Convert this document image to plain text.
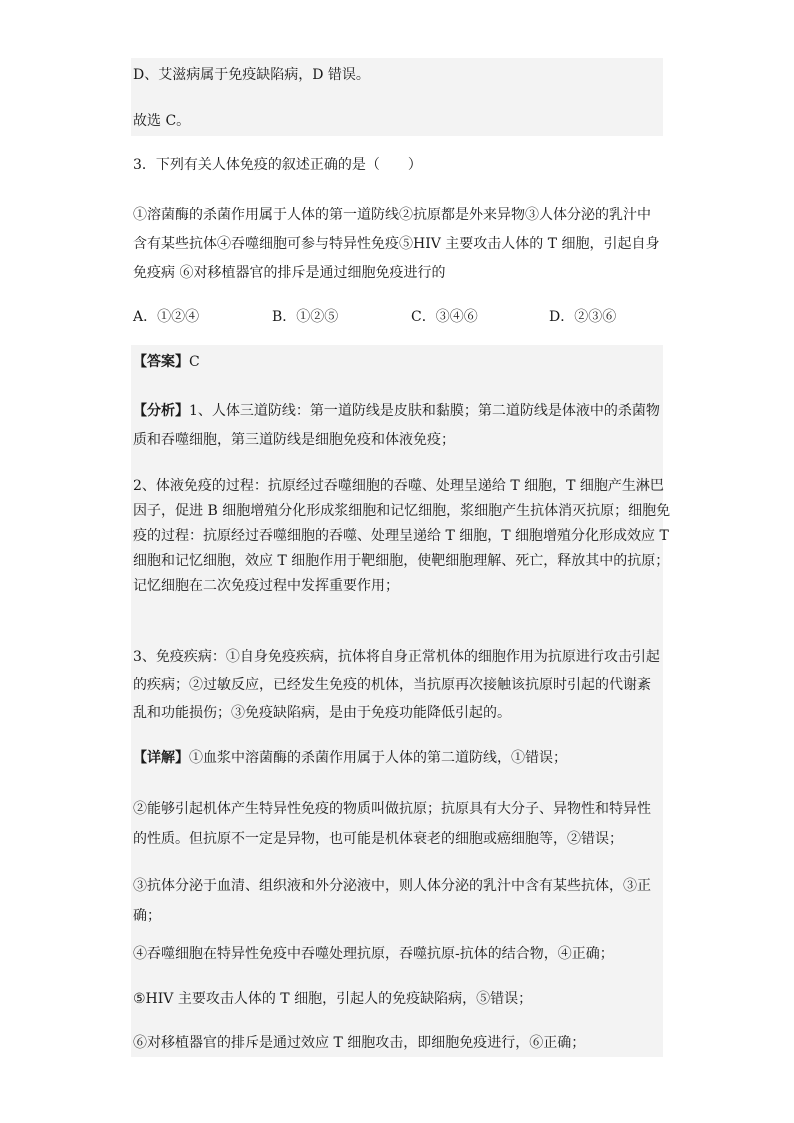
D、艾滋病属于免疫缺陷病，D 错误。
故选 C。
3．下列有关人体免疫的叙述正确的是（　　）
①溶菌酶的杀菌作用属于人体的第一道防线②抗原都是外来异物③人体分泌的乳汁中
含有某些抗体④吞噬细胞可参与特异性免疫⑤HIV 主要攻击人体的 T 细胞，引起自身
免疫病 ⑥对移植器官的排斥是通过细胞免疫进行的
A．①②④	B．①②⑤	C．③④⑥	D．②③⑥
【答案】C
【分析】1、人体三道防线：第一道防线是皮肤和黏膜；第二道防线是体液中的杀菌物
质和吞噬细胞，第三道防线是细胞免疫和体液免疫；
2、体液免疫的过程：抗原经过吞噬细胞的吞噬、处理呈递给 T 细胞，T 细胞产生淋巴
因子，促进 B 细胞增殖分化形成浆细胞和记忆细胞，浆细胞产生抗体消灭抗原；细胞免
疫的过程：抗原经过吞噬细胞的吞噬、处理呈递给 T 细胞，T 细胞增殖分化形成效应 T
细胞和记忆细胞，效应 T 细胞作用于靶细胞，使靶细胞理解、死亡，释放其中的抗原；
记忆细胞在二次免疫过程中发挥重要作用；
3、免疫疾病：①自身免疫疾病，抗体将自身正常机体的细胞作用为抗原进行攻击引起
的疾病；②过敏反应，已经发生免疫的机体，当抗原再次接触该抗原时引起的代谢紊
乱和功能损伤；③免疫缺陷病，是由于免疫功能降低引起的。
【详解】①血浆中溶菌酶的杀菌作用属于人体的第二道防线，①错误；
②能够引起机体产生特异性免疫的物质叫做抗原；抗原具有大分子、异物性和特异性
的性质。但抗原不一定是异物，也可能是机体衰老的细胞或癌细胞等，②错误；
③抗体分泌于血清、组织液和外分泌液中，则人体分泌的乳汁中含有某些抗体，③正
确；
④吞噬细胞在特异性免疫中吞噬处理抗原，吞噬抗原-抗体的结合物，④正确；
⑤HIV 主要攻击人体的 T 细胞，引起人的免疫缺陷病，⑤错误；
⑥对移植器官的排斥是通过效应 T 细胞攻击，即细胞免疫进行，⑥正确；
